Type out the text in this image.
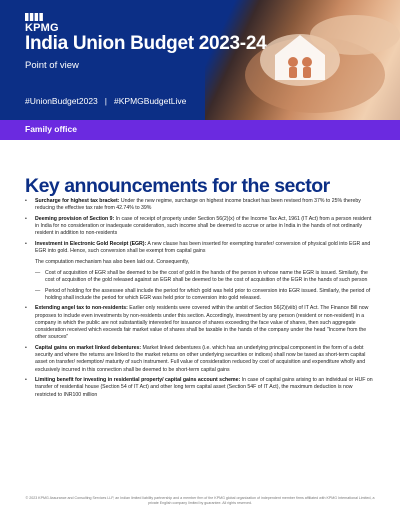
KPMG
India Union Budget 2023-24
Point of view
#UnionBudget2023 | #KPMGBudgetLive
Family office
Key announcements for the sector
• Surcharge for highest tax bracket: Under the new regime, surcharge on highest income bracket has been revised from 37% to 25% thereby reducing the effective tax rate from 42.74% to 39%
• Deeming provision of Section 9: In case of receipt of property under Section 56(2)(x) of the Income Tax Act, 1961 (IT Act) from a person resident in India for no consideration or inadequate consideration, such income shall be deemed to accrue or arise in India in the hands of not ordinarily resident in addition to non-residents
• Investment in Electronic Gold Receipt (EGR): A new clause has been inserted for exempting transfer/ conversion of physical gold into EGR and EGR into gold. Hence, such conversion shall be exempt from capital gains
The computation mechanism has also been laid out. Consequently,
— Cost of acquisition of EGR shall be deemed to be the cost of gold in the hands of the person in whose name the EGR is issued. Similarly, the cost of acquisition of the gold released against an EGR shall be deemed to be the cost of acquisition of the EGR in the hands of such person
— Period of holding for the assessee shall include the period for which gold was held prior to conversion into EGR issued. Similarly, the period of holding shall include the period for which EGR was held prior to conversion into gold released.
• Extending angel tax to non-residents: Earlier only residents were covered within the ambit of Section 56(2)(viib) of IT Act. The Finance Bill now proposes to include even investments by non-residents under this section. Accordingly, investment by any person (resident or non-resident) in a company in which the public are not substantially interested for issuance of shares exceeding the face value of shares, then such aggregate consideration received which exceeds fair market value of shares shall be taxable in the hands of the company under the head "Income from the other sources"
• Capital gains on market linked debentures: Market linked debentures (i.e. which has an underlying principal component in the form of a debt security and where the returns are linked to the market returns on other underlying securities or indices) shall now be taxed as short-term capital asset on transfer/ redemption/ maturity of such instrument. Full value of consideration reduced by cost of acquisition and expenditure wholly and exclusively incurred in this connection shall be deemed to be short-term capital gains
• Limiting benefit for investing in residential property/ capital gains account scheme: In case of capital gains arising to an individual or HUF on transfer of residential house (Section 54 of IT Act) and other long term capital asset (Section 54F of IT Act), the maximum deduction is now restricted to INR100 million
© 2023 KPMG Assurance and Consulting Services LLP, an Indian limited liability partnership and a member firm of the KPMG global organization of independent member firms affiliated with KPMG International Limited, a private English company limited by guarantee. All rights reserved.
